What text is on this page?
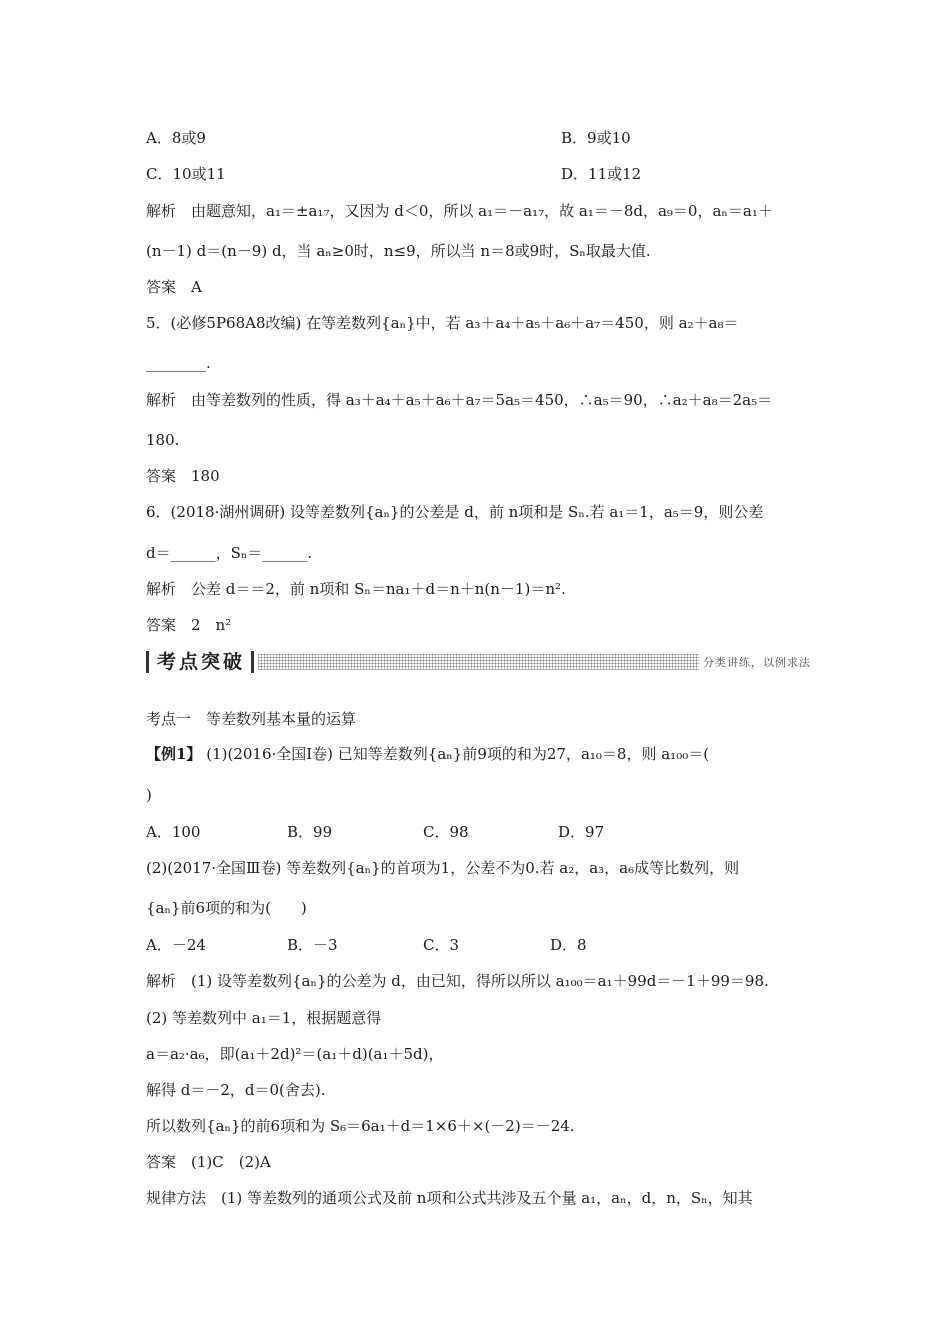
A．8或9	B．9或10
C．10或11	D．11或12
解析　由题意知，a₁＝±a₁₇，又因为 d＜0，所以 a₁＝－a₁₇，故 a₁＝－8d，a₉＝0，aₙ＝a₁＋
(n－1) d＝(n－9) d，当 aₙ≥0时，n≤9，所以当 n＝8或9时，Sₙ取最大值.
答案　A
5．(必修5P68A8改编) 在等差数列{aₙ}中，若 a₃＋a₄＋a₅＋a₆＋a₇＝450，则 a₂＋a₈＝
________.
解析　由等差数列的性质，得 a₃＋a₄＋a₅＋a₆＋a₇＝5a₅＝450，∴a₅＝90，∴a₂＋a₈＝2a₅＝
180.
答案　180
6．(2018·湖州调研) 设等差数列{aₙ}的公差是 d，前 n项和是 Sₙ.若 a₁＝1，a₅＝9，则公差
d＝______，Sₙ＝______.
解析　公差 d＝＝2，前 n项和 Sₙ＝na₁＋d＝n＋n(n－1)＝n².
答案　2　n²
考点突破	分类讲练，以例求法
考点一　等差数列基本量的运算
【例1】 (1)(2016·全国Ⅰ卷) 已知等差数列{aₙ}前9项的和为27，a₁₀＝8，则 a₁₀₀＝(
)
A．100	B．99	C．98	D．97
(2)(2017·全国Ⅲ卷) 等差数列{aₙ}的首项为1，公差不为0.若 a₂，a₃，a₆成等比数列，则
{aₙ}前6项的和为(　　)
A．－24	B．－3	C．3	D．8
解析　(1) 设等差数列{aₙ}的公差为 d，由已知，得所以所以 a₁₀₀＝a₁＋99d＝－1＋99＝98.
(2) 等差数列中 a₁＝1，根据题意得
a＝a₂·a₆，即(a₁＋2d)²＝(a₁＋d)(a₁＋5d)，
解得 d＝－2，d＝0(舍去).
所以数列{aₙ}的前6项和为 S₆＝6a₁＋d＝1×6＋×(－2)＝－24.
答案　(1)C　(2)A
规律方法　(1) 等差数列的通项公式及前 n项和公式共涉及五个量 a₁，aₙ，d，n，Sₙ，知其
